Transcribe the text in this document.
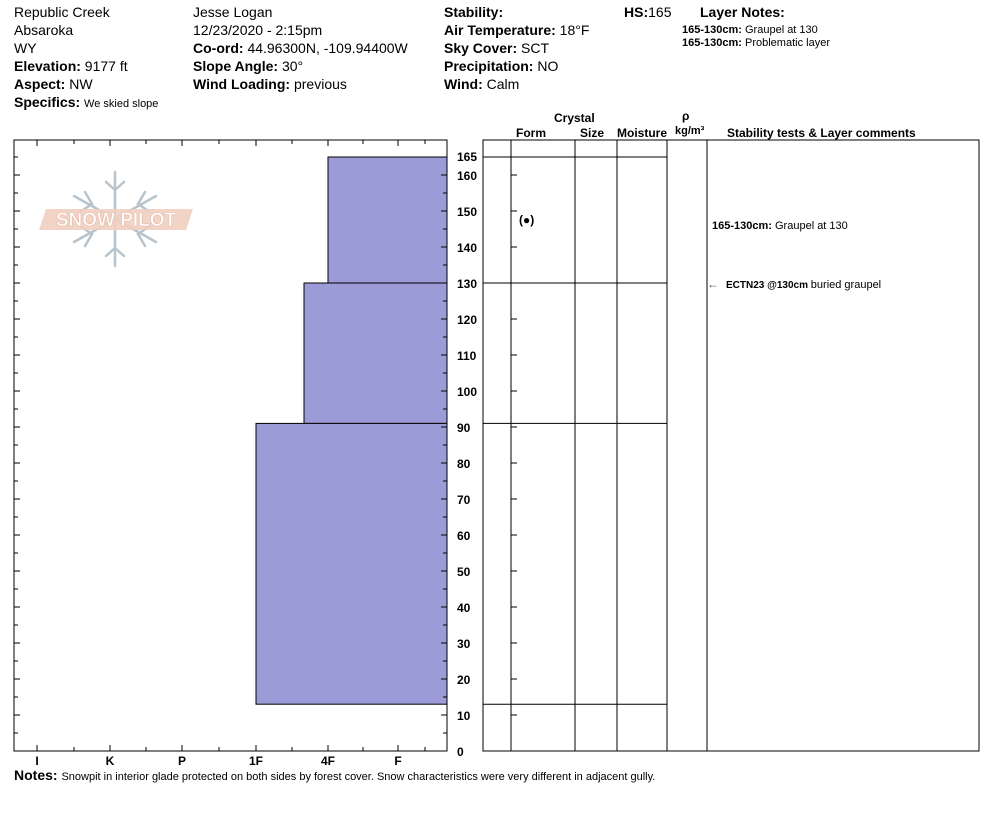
Republic Creek
Absaroka
WY
Elevation: 9177 ft
Aspect: NW
Specifics: We skied slope
Jesse Logan
12/23/2020 - 2:15pm
Co-ord: 44.96300N, -109.94400W
Slope Angle: 30°
Wind Loading: previous
Stability:
Air Temperature: 18°F
Sky Cover: SCT
Precipitation: NO
Wind: Calm
HS:165 Layer Notes:
165-130cm: Graupel at 130
165-130cm: Problematic layer
Crystal
Form	Size Moisture
ρ
kg/m³ Stability tests & Layer comments
SNOW PILOT
I	K	P	1F	4F	F
0
10
20
30
40
50
60
70
80
90
100
110
120
130
140
150
160
165
(●)	165-130cm: Graupel at 130
← ECTN23 @130cm buried graupel
Notes: Snowpit in interior glade protected on both sides by forest cover. Snow characteristics were very different in adjacent gully.
